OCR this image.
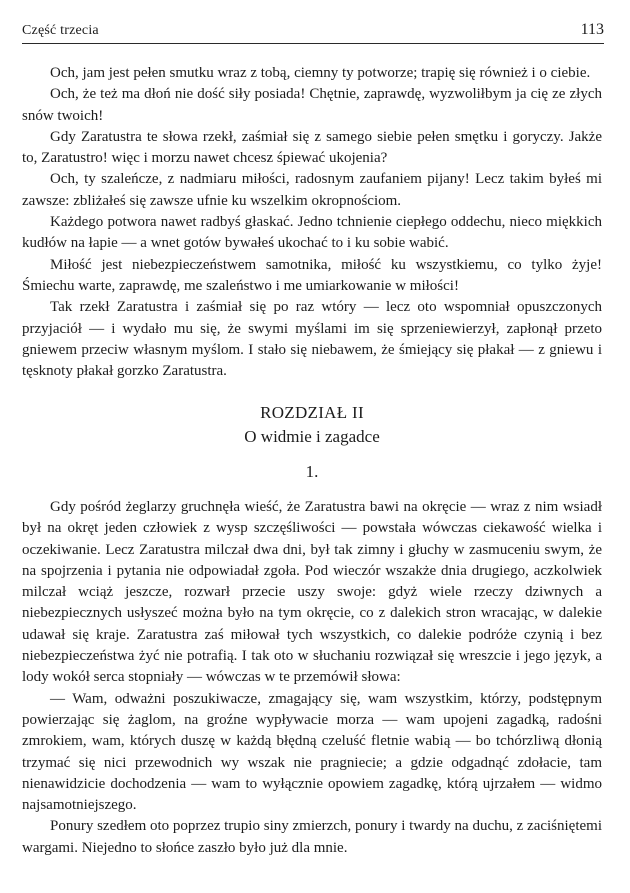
Część trzecia	113

Och, jam jest pełen smutku wraz z tobą, ciemny ty potworze; trapię się również i o ciebie.

Och, że też ma dłoń nie dość siły posiada! Chętnie, zaprawdę, wyzwoliłbym ja cię ze złych snów twoich!

Gdy Zaratustra te słowa rzekł, zaśmiał się z samego siebie pełen smętku i goryczy. Jakże to, Zaratustro! więc i morzu nawet chcesz śpiewać ukojenia?

Och, ty szaleńcze, z nadmiaru miłości, radosnym zaufaniem pijany! Lecz takim byłeś mi zawsze: zbliżałeś się zawsze ufnie ku wszelkim okropnościom.

Każdego potwora nawet radbyś głaskać. Jedno tchnienie ciepłego oddechu, nieco miękkich kudłów na łapie — a wnet gotów bywałeś ukochać to i ku sobie wabić.

Miłość jest niebezpieczeństwem samotnika, miłość ku wszystkiemu, co tylko żyje! Śmiechu warte, zaprawdę, me szaleństwo i me umiarkowanie w miłości!

Tak rzekł Zaratustra i zaśmiał się po raz wtóry — lecz oto wspomniał opuszczonych przyjaciół — i wydało mu się, że swymi myślami im się sprzeniewierzył, zapłonął przeto gniewem przeciw własnym myślom. I stało się niebawem, że śmiejący się płakał — z gniewu i tęsknoty płakał gorzko Zaratustra.

ROZDZIAŁ II
O widmie i zagadce
1.

Gdy pośród żeglarzy gruchnęła wieść, że Zaratustra bawi na okręcie — wraz z nim wsiadł był na okręt jeden człowiek z wysp szczęśliwości — powstała wówczas ciekawość wielka i oczekiwanie. Lecz Zaratustra milczał dwa dni, był tak zimny i głuchy w zasmuceniu swym, że na spojrzenia i pytania nie odpowiadał zgoła. Pod wieczór wszakże dnia drugiego, aczkolwiek milczał wciąż jeszcze, rozwarł przecie uszy swoje: gdyż wiele rzeczy dziwnych a niebezpiecznych usłyszeć można było na tym okręcie, co z dalekich stron wracając, w dalekie udawał się kraje. Zaratustra zaś miłował tych wszystkich, co dalekie podróże czynią i bez niebezpieczeństwa żyć nie potrafią. I tak oto w słuchaniu rozwiązał się wreszcie i jego język, a lody wokół serca stopniały — wówczas w te przemówił słowa:

— Wam, odważni poszukiwacze, zmagający się, wam wszystkim, którzy, podstępnym powierzając się żaglom, na groźne wypływacie morza — wam upojeni zagadką, radośni zmrokiem, wam, których duszę w każdą błędną czeluść fletnie wabią — bo tchórzliwą dłonią trzymać się nici przewodnich wy wszak nie pragniecie; a gdzie odgadnąć zdołacie, tam nienawidzicie dochodzenia — wam to wyłącznie opowiem zagadkę, którą ujrzałem — widmo najsamotniejszego.

Ponury szedłem oto poprzez trupio siny zmierzch, ponury i twardy na duchu, z zaciśniętemi wargami. Niejedno to słońce zaszło było już dla mnie.
